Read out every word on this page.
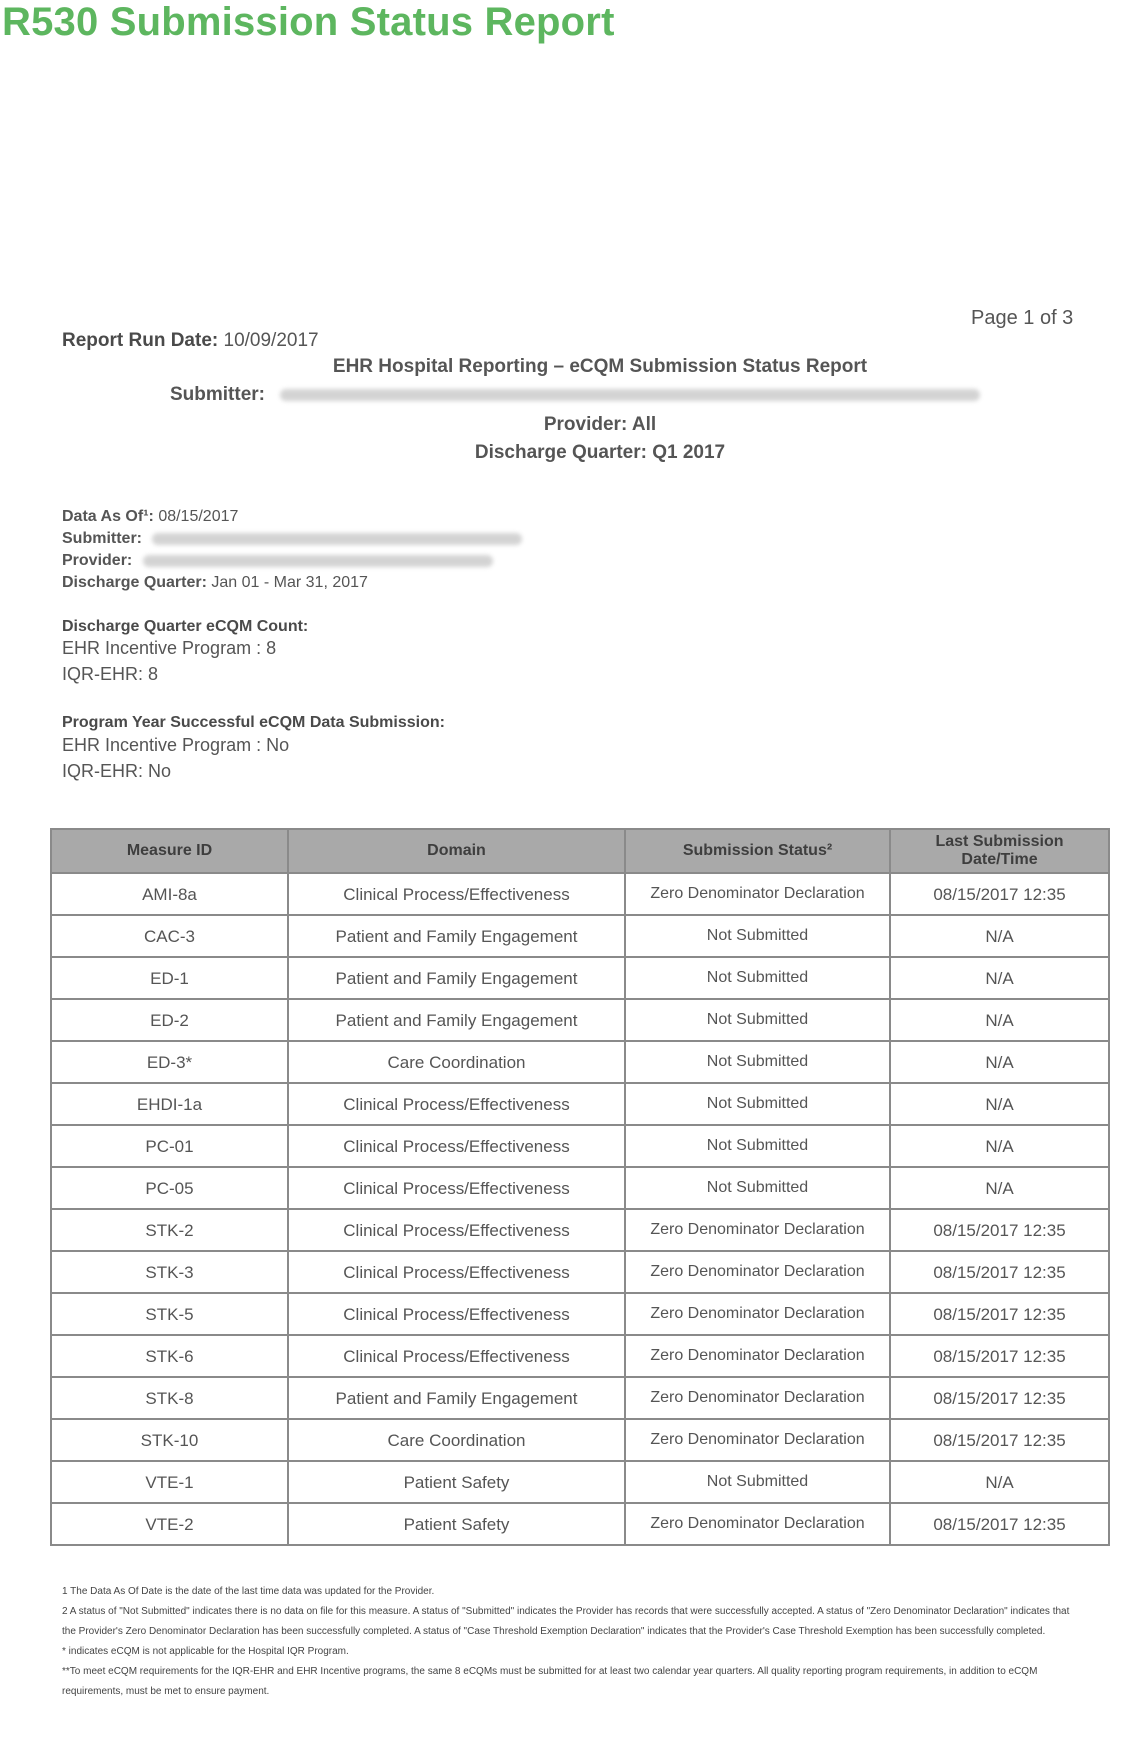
R530 Submission Status Report
Page 1 of 3
Report Run Date: 10/09/2017
EHR Hospital Reporting – eCQM Submission Status Report
Submitter:
Provider: All
Discharge Quarter: Q1 2017
Data As Of¹: 08/15/2017
Submitter:
Provider:
Discharge Quarter: Jan 01 - Mar 31, 2017
Discharge Quarter eCQM Count:
EHR Incentive Program : 8
IQR-EHR: 8
Program Year Successful eCQM Data Submission:
EHR Incentive Program : No
IQR-EHR: No
Measure ID	Domain	Submission Status²	Last Submission Date/Time
AMI-8a	Clinical Process/Effectiveness	Zero Denominator Declaration	08/15/2017 12:35
CAC-3	Patient and Family Engagement	Not Submitted	N/A
ED-1	Patient and Family Engagement	Not Submitted	N/A
ED-2	Patient and Family Engagement	Not Submitted	N/A
ED-3*	Care Coordination	Not Submitted	N/A
EHDI-1a	Clinical Process/Effectiveness	Not Submitted	N/A
PC-01	Clinical Process/Effectiveness	Not Submitted	N/A
PC-05	Clinical Process/Effectiveness	Not Submitted	N/A
STK-2	Clinical Process/Effectiveness	Zero Denominator Declaration	08/15/2017 12:35
STK-3	Clinical Process/Effectiveness	Zero Denominator Declaration	08/15/2017 12:35
STK-5	Clinical Process/Effectiveness	Zero Denominator Declaration	08/15/2017 12:35
STK-6	Clinical Process/Effectiveness	Zero Denominator Declaration	08/15/2017 12:35
STK-8	Patient and Family Engagement	Zero Denominator Declaration	08/15/2017 12:35
STK-10	Care Coordination	Zero Denominator Declaration	08/15/2017 12:35
VTE-1	Patient Safety	Not Submitted	N/A
VTE-2	Patient Safety	Zero Denominator Declaration	08/15/2017 12:35
1 The Data As Of Date is the date of the last time data was updated for the Provider.
2 A status of "Not Submitted" indicates there is no data on file for this measure. A status of "Submitted" indicates the Provider has records that were successfully accepted. A status of "Zero Denominator Declaration" indicates that the Provider's Zero Denominator Declaration has been successfully completed. A status of "Case Threshold Exemption Declaration" indicates that the Provider's Case Threshold Exemption has been successfully completed.
* indicates eCQM is not applicable for the Hospital IQR Program.
**To meet eCQM requirements for the IQR-EHR and EHR Incentive programs, the same 8 eCQMs must be submitted for at least two calendar year quarters. All quality reporting program requirements, in addition to eCQM requirements, must be met to ensure payment.
